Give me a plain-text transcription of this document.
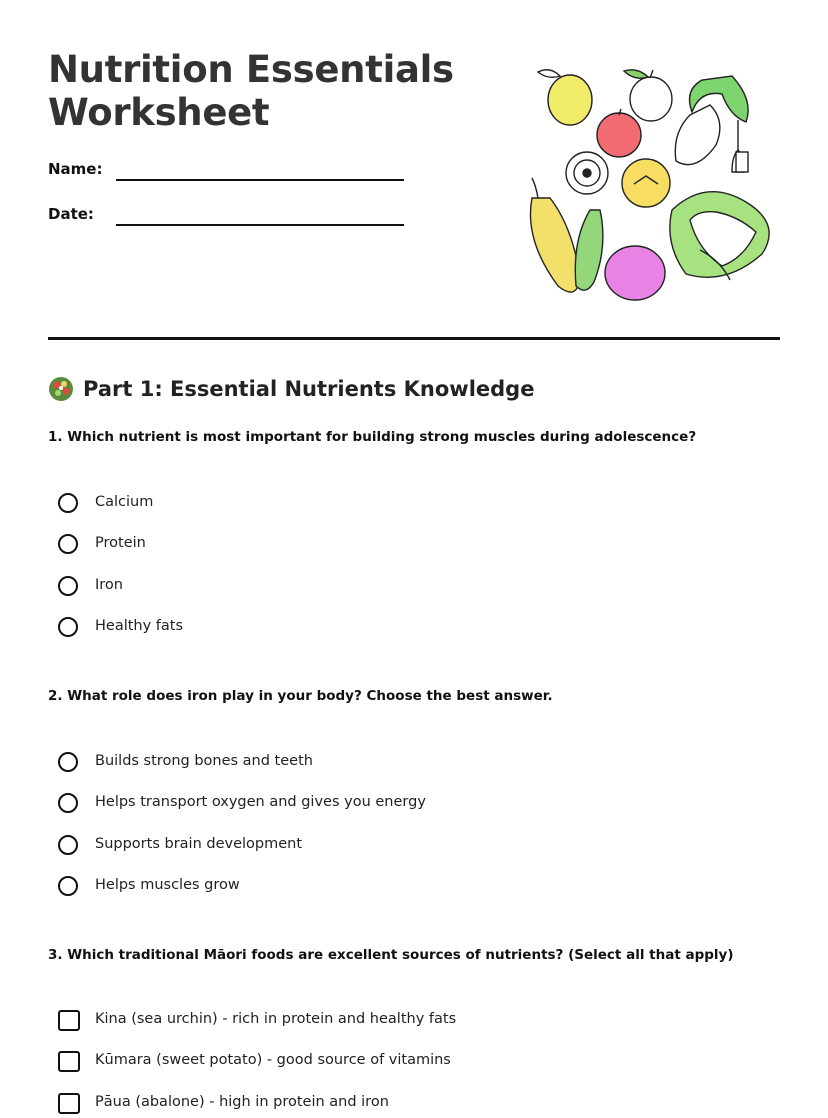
Nutrition Essentials
Worksheet
Name:
Date:
Part 1: Essential Nutrients Knowledge

1. Which nutrient is most important for building strong muscles during adolescence?

Calcium
Protein
Iron
Healthy fats

2. What role does iron play in your body? Choose the best answer.

Builds strong bones and teeth
Helps transport oxygen and gives you energy
Supports brain development
Helps muscles grow

3. Which traditional Māori foods are excellent sources of nutrients? (Select all that apply)

Kina (sea urchin) - rich in protein and healthy fats
Kūmara (sweet potato) - good source of vitamins
Pāua (abalone) - high in protein and iron
